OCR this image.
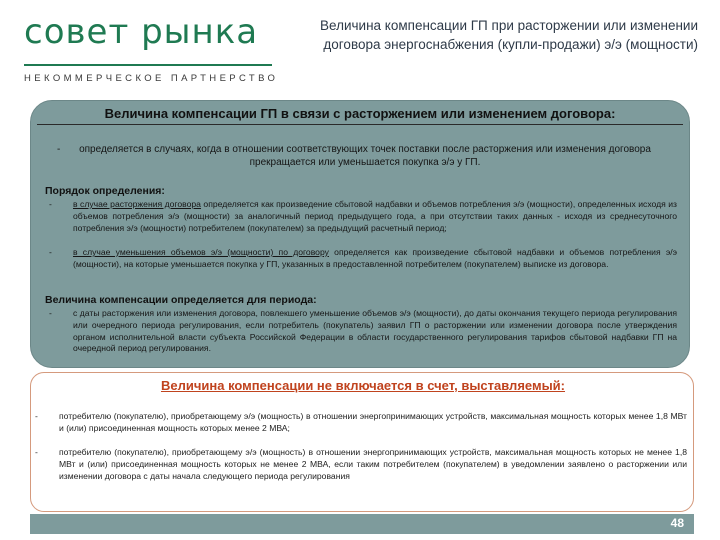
совет рынка
НЕКОММЕРЧЕСКОЕ ПАРТНЕРСТВО
Величина компенсации ГП при расторжении или изменении договора энергоснабжения (купли-продажи) э/э (мощности)
Величина компенсации ГП в связи с расторжением или изменением договора:
- определяется в случаях, когда в отношении соответствующих точек поставки после расторжения или изменения договора прекращается или уменьшается покупка э/э у ГП.
Порядок определения:
- в случае расторжения договора определяется как произведение сбытовой надбавки и объемов потребления э/э (мощности), определенных исходя из объемов потребления э/э (мощности) за аналогичный период предыдущего года, а при отсутствии таких данных - исходя из среднесуточного потребления э/э (мощности) потребителем (покупателем) за предыдущий расчетный период;
- в случае уменьшения объемов э/э (мощности) по договору определяется как произведение сбытовой надбавки и объемов потребления э/э (мощности), на которые уменьшается покупка у ГП, указанных в предоставленной потребителем (покупателем) выписке из договора.
Величина компенсации определяется для периода:
- с даты расторжения или изменения договора, повлекшего уменьшение объемов э/э (мощности), до даты окончания текущего периода регулирования или очередного периода регулирования, если потребитель (покупатель) заявил ГП о расторжении или изменении договора после утверждения органом исполнительной власти субъекта Российской Федерации в области государственного регулирования тарифов сбытовой надбавки ГП на очередной период регулирования.
Величина компенсации не включается в счет, выставляемый:
- потребителю (покупателю), приобретающему э/э (мощность) в отношении энергопринимающих устройств, максимальная мощность которых менее 1,8 МВт и (или) присоединенная мощность которых менее 2 МВА;
- потребителю (покупателю), приобретающему э/э (мощность) в отношении энергопринимающих устройств, максимальная мощность которых не менее 1,8 МВт и (или) присоединенная мощность которых не менее 2 МВА, если таким потребителем (покупателем) в уведомлении заявлено о расторжении или изменении договора с даты начала следующего периода регулирования
48
